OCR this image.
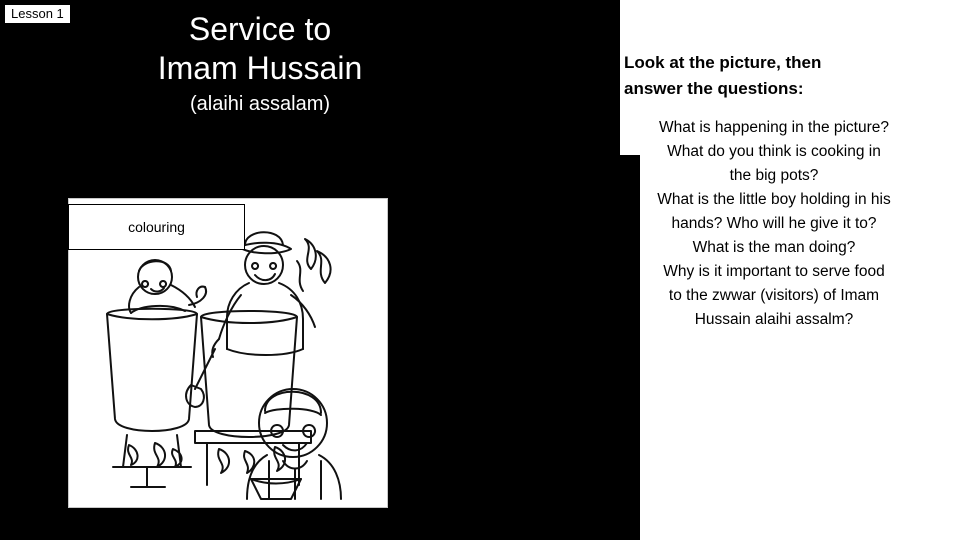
Lesson 1	Service to
Imam Hussain
(alaihi assalam)
colouring
Look at the picture, then
answer the questions:
What is happening in the picture?
What do you think is cooking in
the big pots?
What is the little boy holding in his
hands? Who will he give it to?
What is the man doing?
Why is it important to serve food
to the zwwar (visitors) of Imam
Hussain alaihi assalm?
